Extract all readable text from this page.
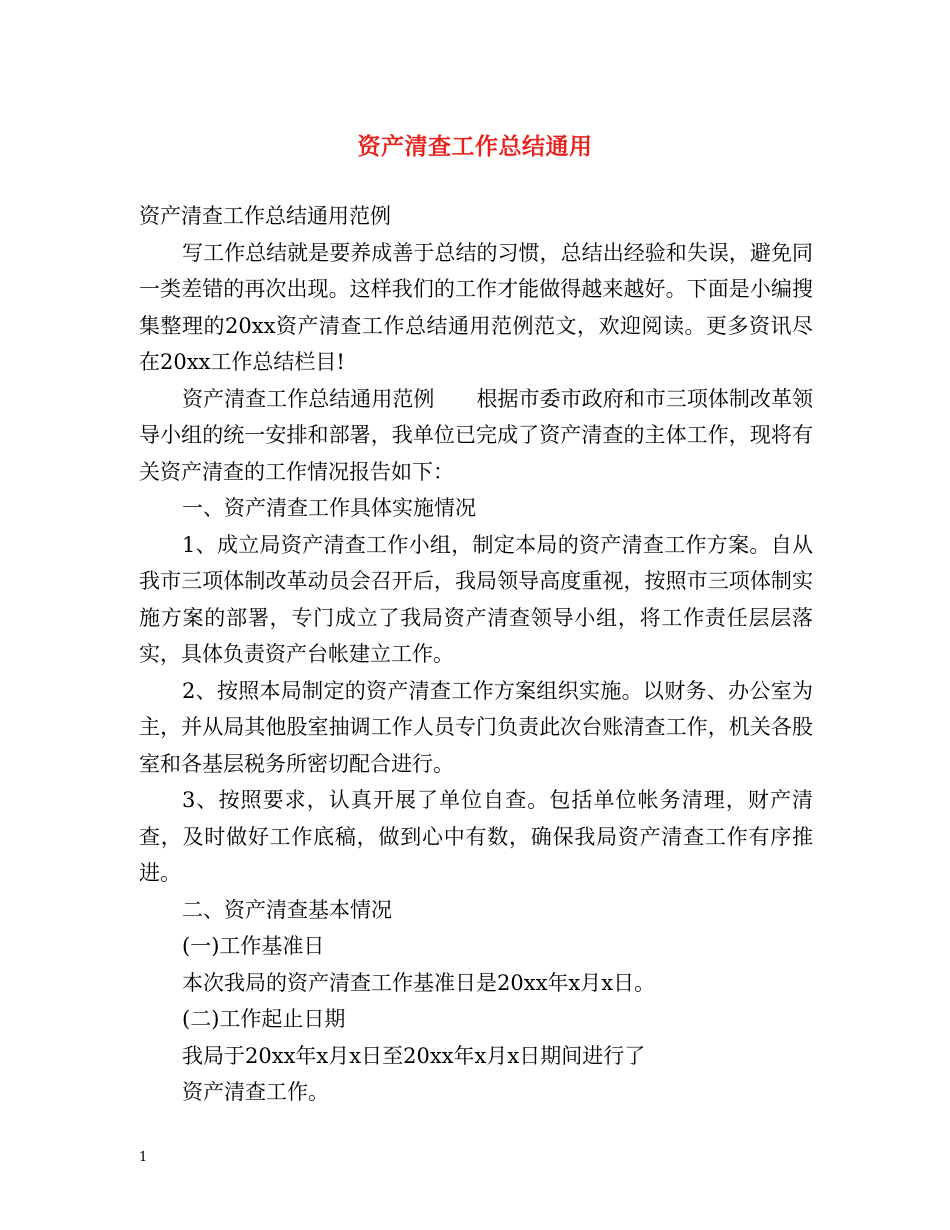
资产清查工作总结通用

资产清查工作总结通用范例

写工作总结就是要养成善于总结的习惯，总结出经验和失误，避免同一类差错的再次出现。这样我们的工作才能做得越来越好。下面是小编搜集整理的20xx资产清查工作总结通用范例范文，欢迎阅读。更多资讯尽在20xx工作总结栏目!

资产清查工作总结通用范例 根据市委市政府和市三项体制改革领导小组的统一安排和部署，我单位已完成了资产清查的主体工作，现将有关资产清查的工作情况报告如下：

一、资产清查工作具体实施情况

1、成立局资产清查工作小组，制定本局的资产清查工作方案。自从我市三项体制改革动员会召开后，我局领导高度重视，按照市三项体制实施方案的部署，专门成立了我局资产清查领导小组，将工作责任层层落实，具体负责资产台帐建立工作。

2、按照本局制定的资产清查工作方案组织实施。以财务、办公室为主，并从局其他股室抽调工作人员专门负责此次台账清查工作，机关各股室和各基层税务所密切配合进行。

3、按照要求，认真开展了单位自查。包括单位帐务清理，财产清查，及时做好工作底稿，做到心中有数，确保我局资产清查工作有序推进。

二、资产清查基本情况

(一)工作基准日

本次我局的资产清查工作基准日是20xx年x月x日。

(二)工作起止日期

我局于20xx年x月x日至20xx年x月x日期间进行了

资产清查工作。

1
